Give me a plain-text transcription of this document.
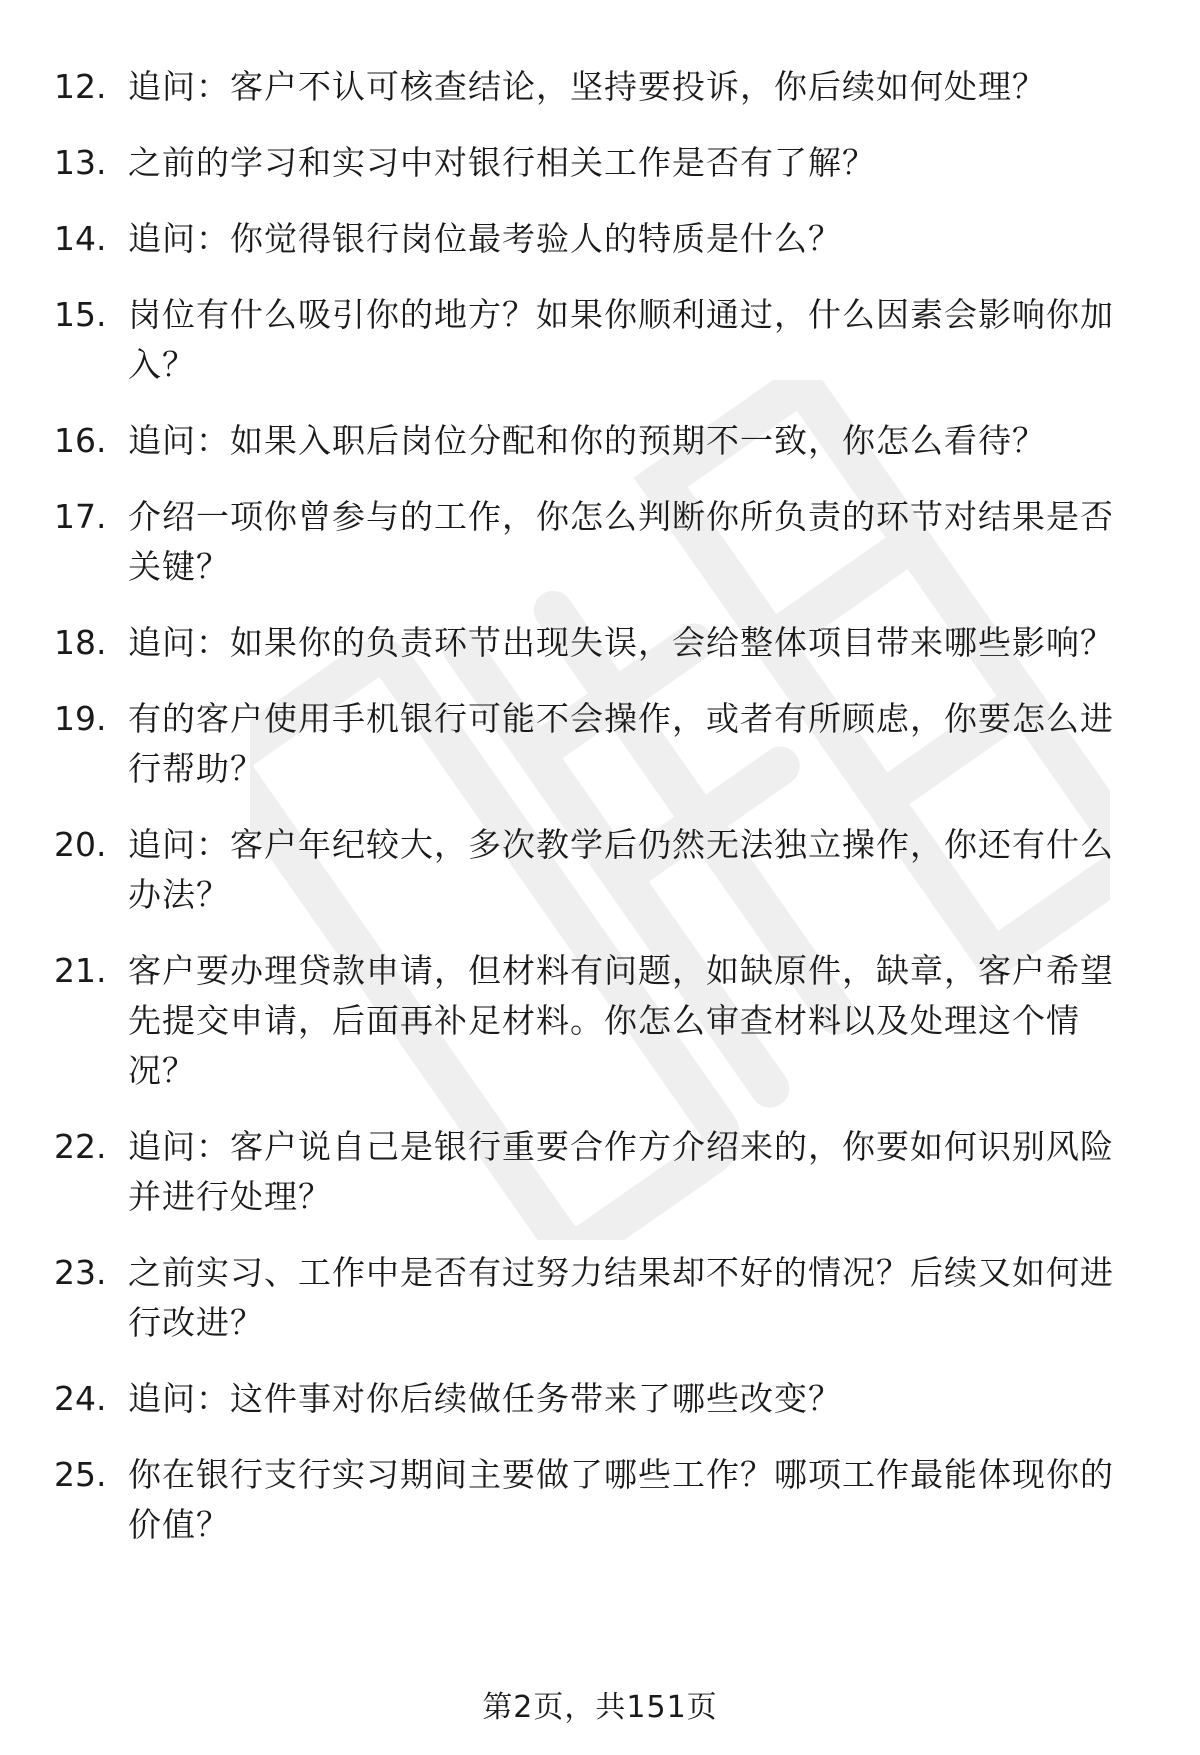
12. 追问：客户不认可核查结论，坚持要投诉，你后续如何处理？
13. 之前的学习和实习中对银行相关工作是否有了解？
14. 追问：你觉得银行岗位最考验人的特质是什么？
15. 岗位有什么吸引你的地方？如果你顺利通过，什么因素会影响你加入？
16. 追问：如果入职后岗位分配和你的预期不一致，你怎么看待？
17. 介绍一项你曾参与的工作，你怎么判断你所负责的环节对结果是否关键？
18. 追问：如果你的负责环节出现失误，会给整体项目带来哪些影响？
19. 有的客户使用手机银行可能不会操作，或者有所顾虑，你要怎么进行帮助？
20. 追问：客户年纪较大，多次教学后仍然无法独立操作，你还有什么办法？
21. 客户要办理贷款申请，但材料有问题，如缺原件，缺章，客户希望先提交申请，后面再补足材料。你怎么审查材料以及处理这个情况？
22. 追问：客户说自己是银行重要合作方介绍来的，你要如何识别风险并进行处理？
23. 之前实习、工作中是否有过努力结果却不好的情况？后续又如何进行改进？
24. 追问：这件事对你后续做任务带来了哪些改变？
25. 你在银行支行实习期间主要做了哪些工作？哪项工作最能体现你的价值？
第2页，共151页
